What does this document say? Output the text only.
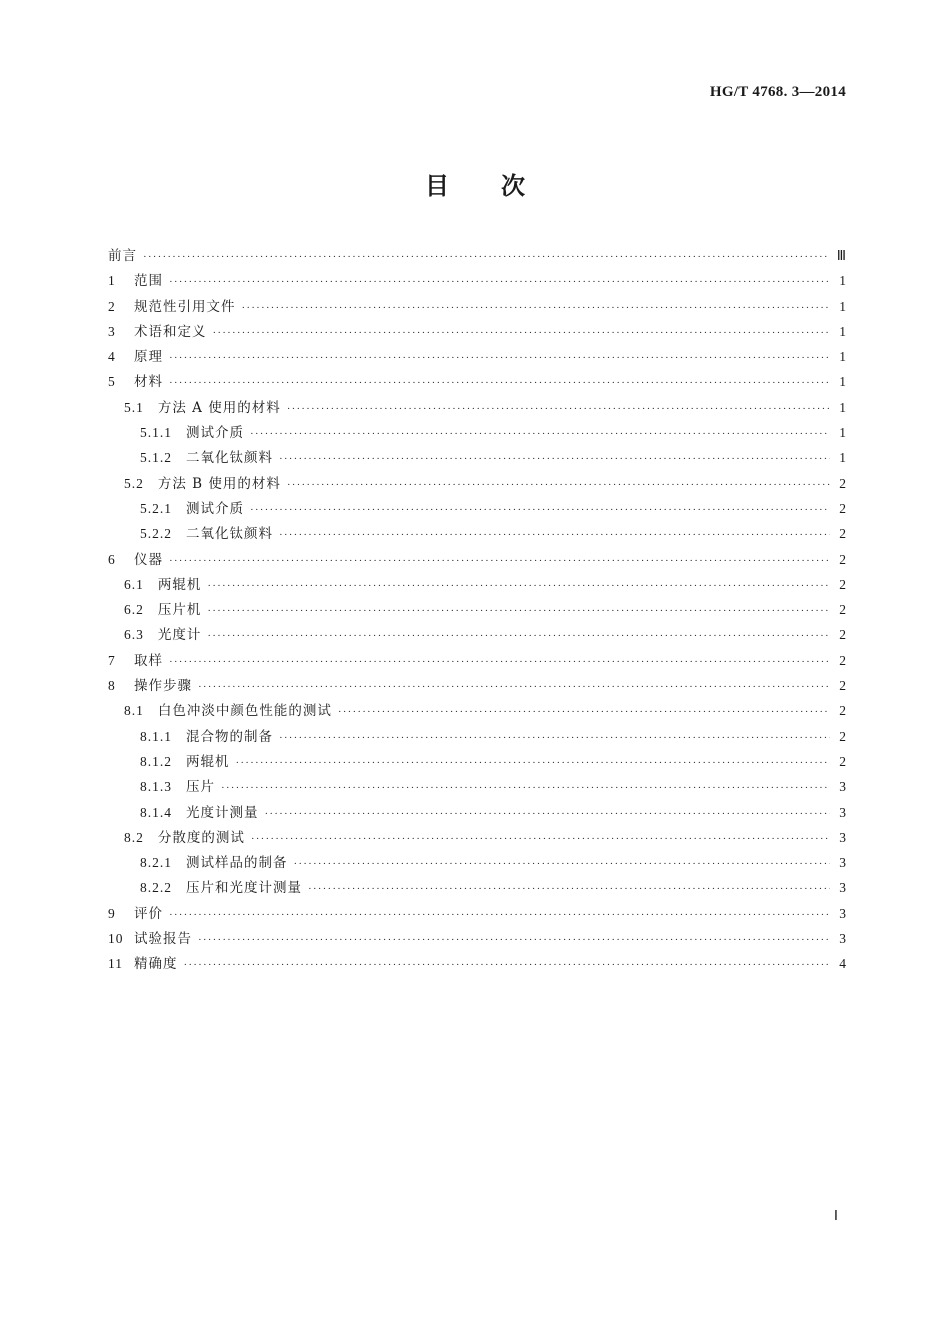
HG/T 4768. 3—2014
目次
前言 ·····	Ⅲ
1	范围 ·····	1
2	规范性引用文件 ·····	1
3	术语和定义 ·····	1
4	原理 ·····	1
5	材料 ·····	1
5.1 方法 A 使用的材料 ·····	1
5.1.1 测试介质 ·····	1
5.1.2 二氧化钛颜料 ·····	1
5.2 方法 B 使用的材料 ·····	2
5.2.1 测试介质 ·····	2
5.2.2 二氧化钛颜料 ·····	2
6	仪器 ·····	2
6.1 两辊机 ·····	2
6.2 压片机 ·····	2
6.3 光度计 ·····	2
7	取样 ·····	2
8	操作步骤 ·····	2
8.1 白色冲淡中颜色性能的测试 ·····	2
8.1.1 混合物的制备 ·····	2
8.1.2 两辊机 ·····	2
8.1.3 压片 ·····	3
8.1.4 光度计测量 ·····	3
8.2 分散度的测试 ·····	3
8.2.1 测试样品的制备 ·····	3
8.2.2 压片和光度计测量 ·····	3
9	评价 ·····	3
10 试验报告 ·····	3
11 精确度 ·····	4
Ⅰ
